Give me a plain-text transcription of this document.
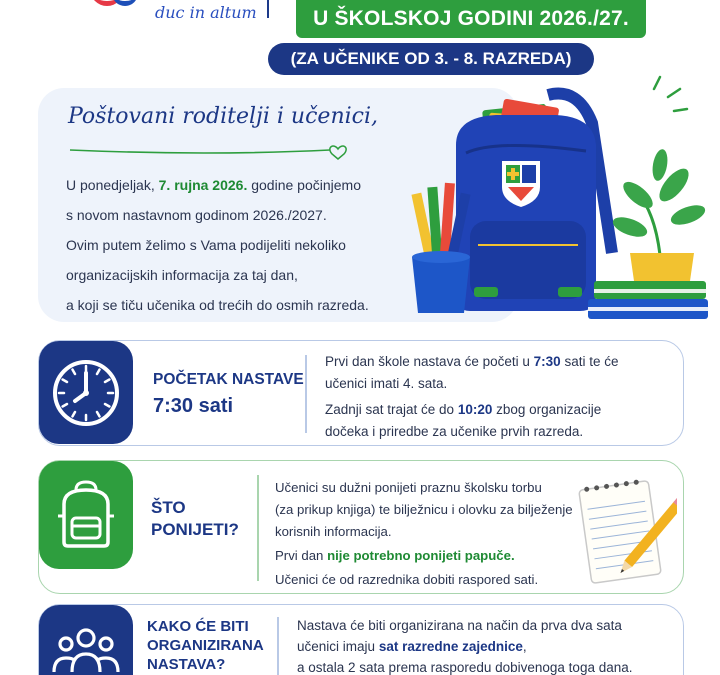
duc in altum	U ŠKOLSKOJ GODINI 2026./27.
(ZA UČENIKE OD 3. - 8. RAZREDA)
Poštovani roditelji i učenici,
U ponedjeljak, 7. rujna 2026. godine počinjemo
s novom nastavnom godinom 2026./2027.
Ovim putem želimo s Vama podijeliti nekoliko
organizacijskih informacija za taj dan,
a koji se tiču učenika od trećih do osmih razreda.
POČETAK NASTAVE
7:30 sati
Prvi dan škole nastava će početi u 7:30 sati te će
učenici imati 4. sata.
Zadnji sat trajat će do 10:20 zbog organizacije
dočeka i priredbe za učenike prvih razreda.
ŠTO
PONIJETI?
Učenici su dužni ponijeti praznu školsku torbu
(za prikup knjiga) te bilježnicu i olovku za bilježenje
korisnih informacija.
Prvi dan nije potrebno ponijeti papuče.
Učenici će od razrednika dobiti raspored sati.
KAKO ĆE BITI
ORGANIZIRANA
NASTAVA?
Nastava će biti organizirana na način da prva dva sata
učenici imaju sat razredne zajednice,
a ostala 2 sata prema rasporedu dobivenoga toga dana.
